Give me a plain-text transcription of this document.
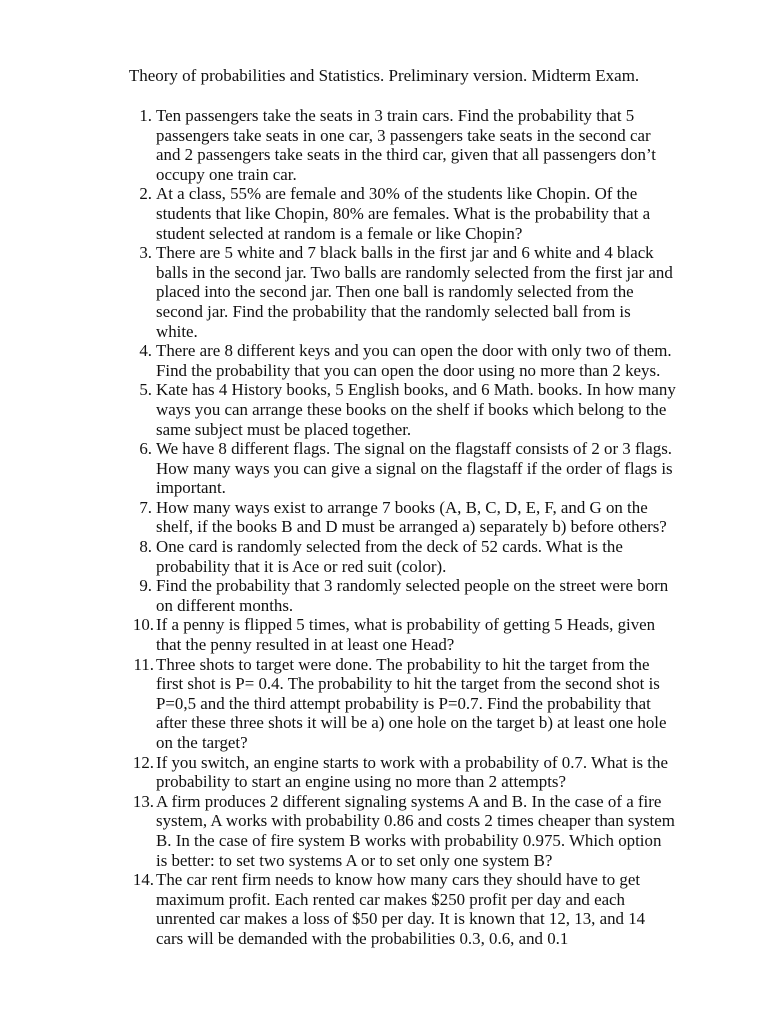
Theory of probabilities and Statistics. Preliminary version. Midterm Exam.
1. Ten passengers take the seats in 3 train cars. Find the probability that 5
passengers take seats in one car, 3 passengers take seats in the second car
and 2 passengers take seats in the third car, given that all passengers don’t
occupy one train car.
2. At a class, 55% are female and 30% of the students like Chopin. Of the
students that like Chopin, 80% are females. What is the probability that a
student selected at random is a female or like Chopin?
3. There are 5 white and 7 black balls in the first jar and 6 white and 4 black
balls in the second jar. Two balls are randomly selected from the first jar and
placed into the second jar. Then one ball is randomly selected from the
second jar. Find the probability that the randomly selected ball from is
white.
4. There are 8 different keys and you can open the door with only two of them.
Find the probability that you can open the door using no more than 2 keys.
5. Kate has 4 History books, 5 English books, and 6 Math. books. In how many
ways you can arrange these books on the shelf if books which belong to the
same subject must be placed together.
6. We have 8 different flags. The signal on the flagstaff consists of 2 or 3 flags.
How many ways you can give a signal on the flagstaff if the order of flags is
important.
7. How many ways exist to arrange 7 books (A, B, C, D, E, F, and G on the
shelf, if the books B and D must be arranged a) separately b) before others?
8. One card is randomly selected from the deck of 52 cards. What is the
probability that it is Ace or red suit (color).
9. Find the probability that 3 randomly selected people on the street were born
on different months.
10. If a penny is flipped 5 times, what is probability of getting 5 Heads, given
that the penny resulted in at least one Head?
11. Three shots to target were done. The probability to hit the target from the
first shot is P= 0.4. The probability to hit the target from the second shot is
P=0,5 and the third attempt probability is P=0.7. Find the probability that
after these three shots it will be a) one hole on the target b) at least one hole
on the target?
12. If you switch, an engine starts to work with a probability of 0.7. What is the
probability to start an engine using no more than 2 attempts?
13. A firm produces 2 different signaling systems A and B. In the case of a fire
system, A works with probability 0.86 and costs 2 times cheaper than system
B. In the case of fire system B works with probability 0.975. Which option
is better: to set two systems A or to set only one system B?
14. The car rent firm needs to know how many cars they should have to get
maximum profit. Each rented car makes $250 profit per day and each
unrented car makes a loss of $50 per day. It is known that 12, 13, and 14
cars will be demanded with the probabilities 0.3, 0.6, and 0.1
